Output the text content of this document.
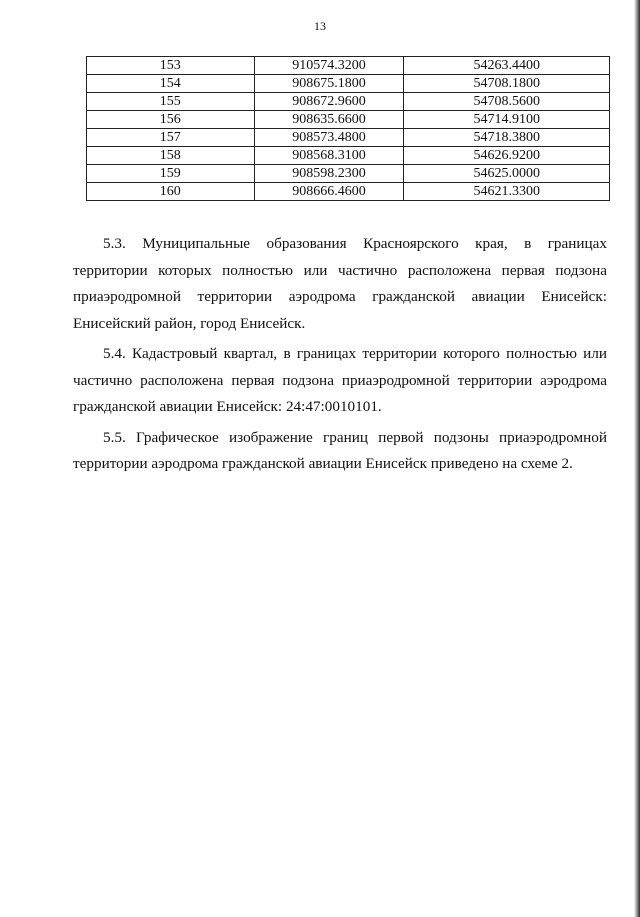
13
153	910574.3200	54263.4400
154	908675.1800	54708.1800
155	908672.9600	54708.5600
156	908635.6600	54714.9100
157	908573.4800	54718.3800
158	908568.3100	54626.9200
159	908598.2300	54625.0000
160	908666.4600	54621.3300

5.3. Муниципальные образования Красноярского края, в границах территории которых полностью или частично расположена первая подзона приаэродромной территории аэродрома гражданской авиации Енисейск: Енисейский район, город Енисейск.

5.4. Кадастровый квартал, в границах территории которого полностью или частично расположена первая подзона приаэродромной территории аэродрома гражданской авиации Енисейск: 24:47:0010101.

5.5. Графическое изображение границ первой подзоны приаэродромной территории аэродрома гражданской авиации Енисейск приведено на схеме 2.
